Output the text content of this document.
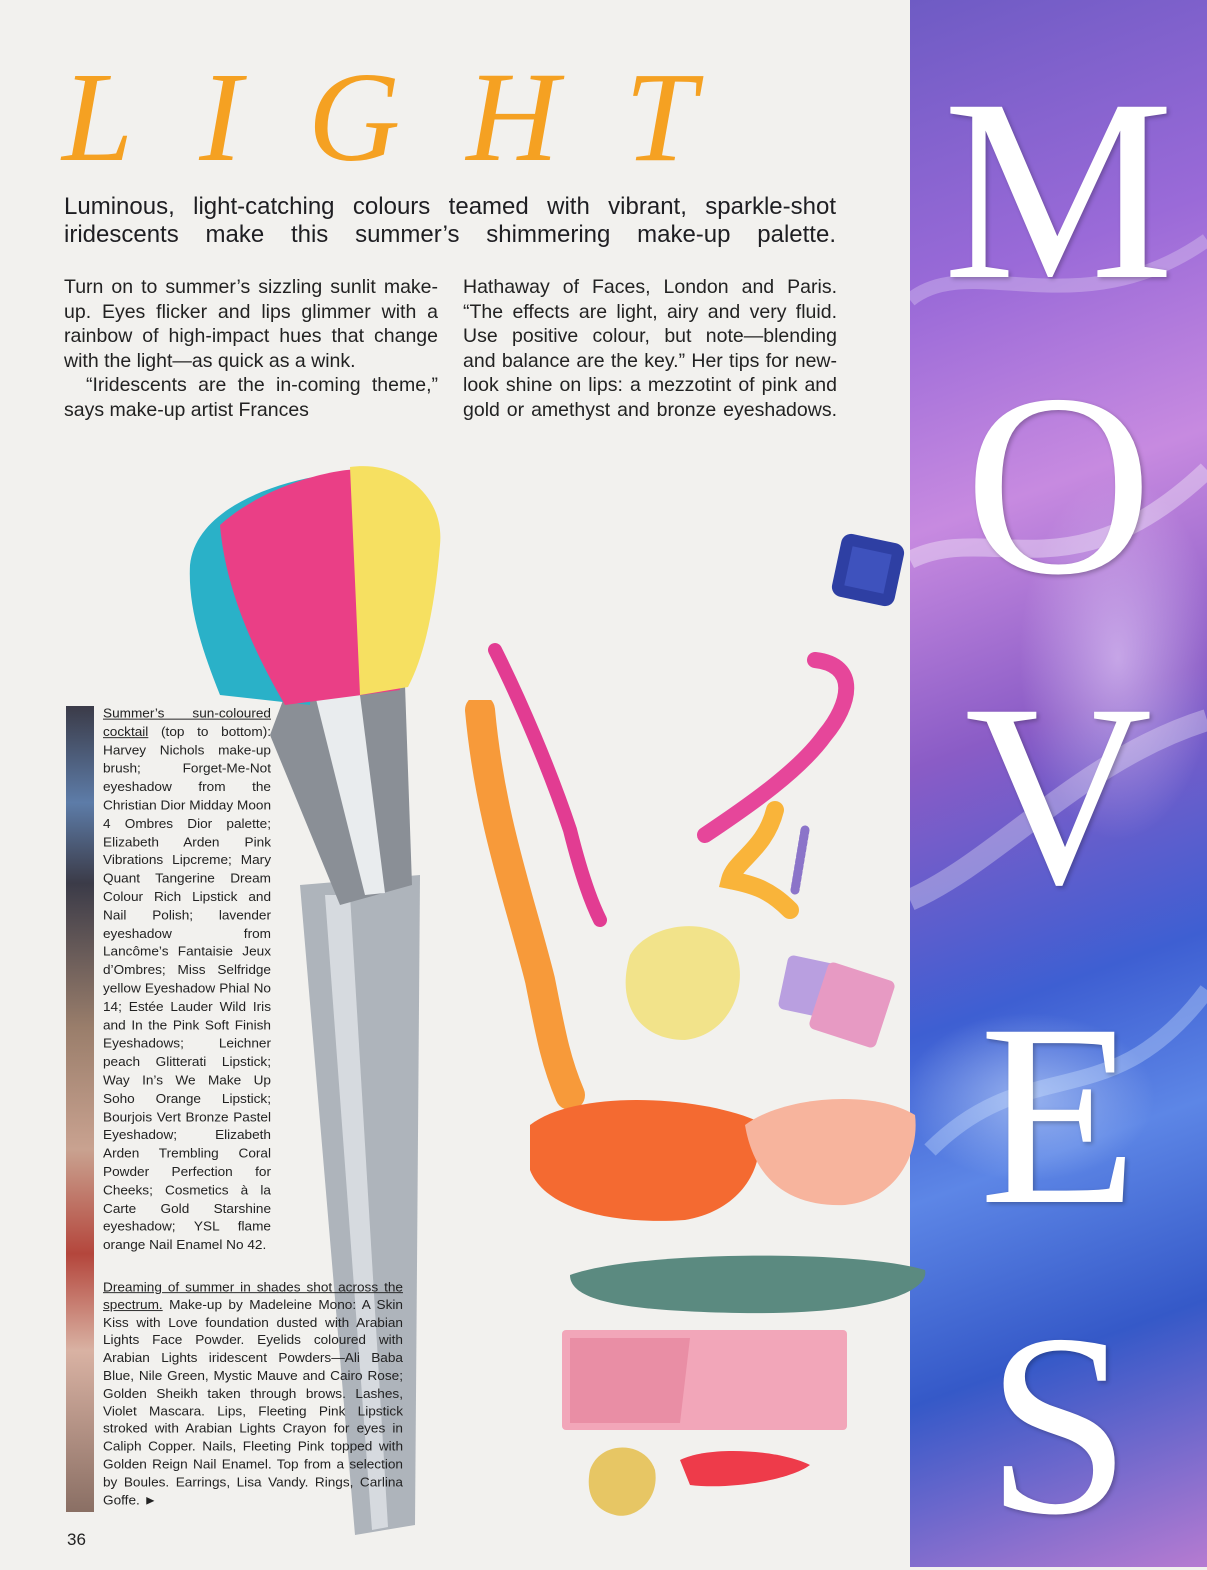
LIGHT
Luminous, light-catching colours teamed with vibrant, sparkle-shot iridescents make this summer’s shimmering make-up palette.

Turn on to summer’s sizzling sunlit make-up. Eyes flicker and lips glimmer with a rainbow of high-impact hues that change with the light—as quick as a wink.

“Iridescents are the in-coming theme,” says make-up artist Frances

Hathaway of Faces, London and Paris. “The effects are light, airy and very fluid. Use positive colour, but note—blending and balance are the key.” Her tips for new-look shine on lips: a mezzotint of pink and gold or amethyst and bronze eyeshadows.

M
O
V
E
S
Summer’s sun-coloured cocktail (top to bottom): Harvey Nichols make-up brush; Forget-Me-Not eyeshadow from the Christian Dior Midday Moon 4 Ombres Dior palette; Elizabeth Arden Pink Vibrations Lipcreme; Mary Quant Tangerine Dream Colour Rich Lipstick and Nail Polish; lavender eyeshadow from Lancôme’s Fantaisie Jeux d’Ombres; Miss Selfridge yellow Eyeshadow Phial No 14; Estée Lauder Wild Iris and In the Pink Soft Finish Eyeshadows; Leichner peach Glitterati Lipstick; Way In’s We Make Up Soho Orange Lipstick; Bourjois Vert Bronze Pastel Eyeshadow; Elizabeth Arden Trembling Coral Powder Perfection for Cheeks; Cosmetics à la Carte Gold Starshine eyeshadow; YSL flame orange Nail Enamel No 42.
Dreaming of summer in shades shot across the spectrum. Make-up by Madeleine Mono: A Skin Kiss with Love foundation dusted with Arabian Lights Face Powder. Eyelids coloured with Arabian Lights iridescent Powders—Ali Baba Blue, Nile Green, Mystic Mauve and Cairo Rose; Golden Sheikh taken through brows. Lashes, Violet Mascara. Lips, Fleeting Pink Lipstick stroked with Arabian Lights Crayon for eyes in Caliph Copper. Nails, Fleeting Pink topped with Golden Reign Nail Enamel. Top from a selection by Boules. Earrings, Lisa Vandy. Rings, Carlina Goffe. ►
36
